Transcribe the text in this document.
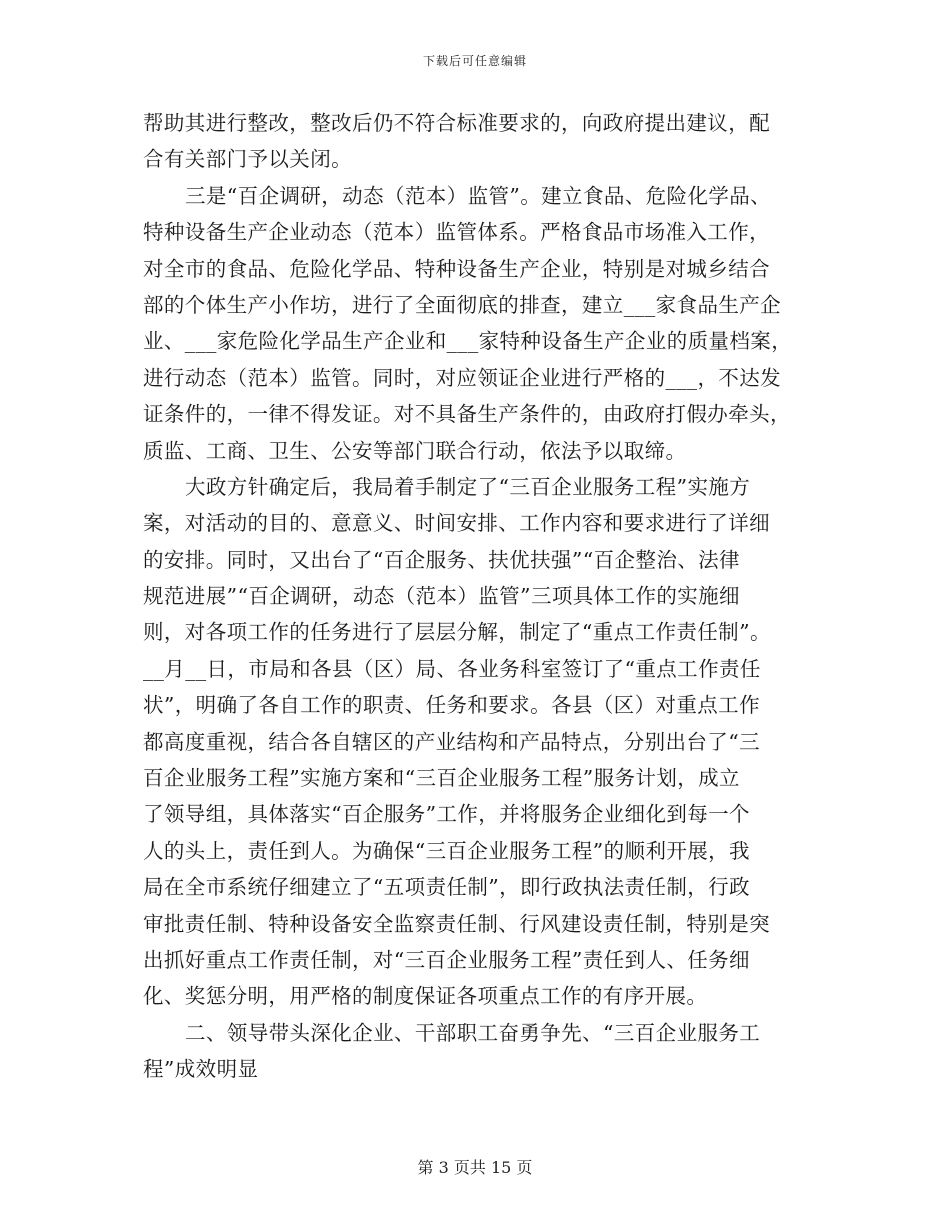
下载后可任意编辑
帮助其进行整改，整改后仍不符合标准要求的，向政府提出建议，配
合有关部门予以关闭。
三是“百企调研，动态（范本）监管”。建立食品、危险化学品、
特种设备生产企业动态（范本）监管体系。严格食品市场准入工作，
对全市的食品、危险化学品、特种设备生产企业，特别是对城乡结合
部的个体生产小作坊，进行了全面彻底的排查，建立___家食品生产企
业、___家危险化学品生产企业和___家特种设备生产企业的质量档案，
进行动态（范本）监管。同时，对应领证企业进行严格的___，不达发
证条件的，一律不得发证。对不具备生产条件的，由政府打假办牵头，
质监、工商、卫生、公安等部门联合行动，依法予以取缔。
大政方针确定后，我局着手制定了“三百企业服务工程”实施方
案，对活动的目的、意意义、时间安排、工作内容和要求进行了详细
的安排。同时，又出台了“百企服务、扶优扶强”“百企整治、法律
规范进展”“百企调研，动态（范本）监管”三项具体工作的实施细
则，对各项工作的任务进行了层层分解，制定了“重点工作责任制”。
__月__日，市局和各县（区）局、各业务科室签订了“重点工作责任
状”，明确了各自工作的职责、任务和要求。各县（区）对重点工作
都高度重视，结合各自辖区的产业结构和产品特点，分别出台了“三
百企业服务工程”实施方案和“三百企业服务工程”服务计划，成立
了领导组，具体落实“百企服务”工作，并将服务企业细化到每一个
人的头上，责任到人。为确保“三百企业服务工程”的顺利开展，我
局在全市系统仔细建立了“五项责任制”，即行政执法责任制，行政
审批责任制、特种设备安全监察责任制、行风建设责任制，特别是突
出抓好重点工作责任制，对“三百企业服务工程”责任到人、任务细
化、奖惩分明，用严格的制度保证各项重点工作的有序开展。
二、领导带头深化企业、干部职工奋勇争先、“三百企业服务工
程”成效明显
第 3 页共 15 页
